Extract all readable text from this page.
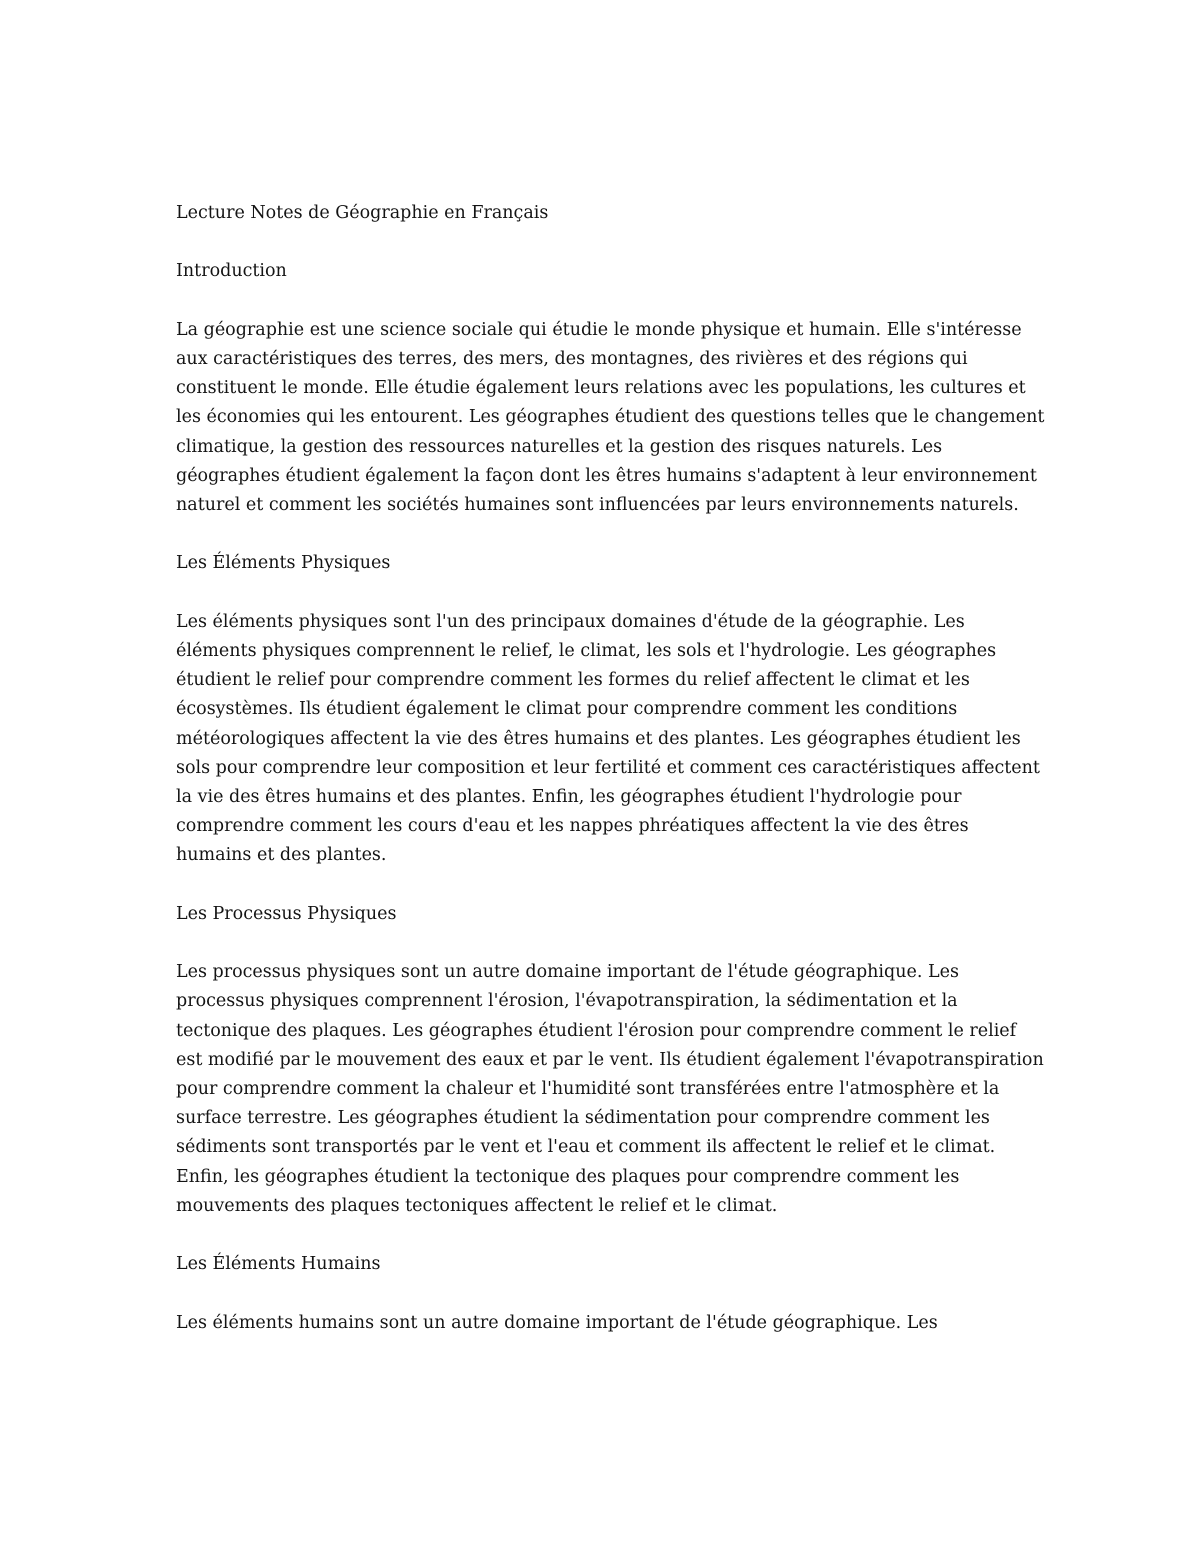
Lecture Notes de Géographie en Français

Introduction

La géographie est une science sociale qui étudie le monde physique et humain. Elle s'intéresse aux caractéristiques des terres, des mers, des montagnes, des rivières et des régions qui constituent le monde. Elle étudie également leurs relations avec les populations, les cultures et les économies qui les entourent. Les géographes étudient des questions telles que le changement climatique, la gestion des ressources naturelles et la gestion des risques naturels. Les géographes étudient également la façon dont les êtres humains s'adaptent à leur environnement naturel et comment les sociétés humaines sont influencées par leurs environnements naturels.

Les Éléments Physiques

Les éléments physiques sont l'un des principaux domaines d'étude de la géographie. Les éléments physiques comprennent le relief, le climat, les sols et l'hydrologie. Les géographes étudient le relief pour comprendre comment les formes du relief affectent le climat et les écosystèmes. Ils étudient également le climat pour comprendre comment les conditions météorologiques affectent la vie des êtres humains et des plantes. Les géographes étudient les sols pour comprendre leur composition et leur fertilité et comment ces caractéristiques affectent la vie des êtres humains et des plantes. Enfin, les géographes étudient l'hydrologie pour comprendre comment les cours d'eau et les nappes phréatiques affectent la vie des êtres humains et des plantes.

Les Processus Physiques

Les processus physiques sont un autre domaine important de l'étude géographique. Les processus physiques comprennent l'érosion, l'évapotranspiration, la sédimentation et la tectonique des plaques. Les géographes étudient l'érosion pour comprendre comment le relief est modifié par le mouvement des eaux et par le vent. Ils étudient également l'évapotranspiration pour comprendre comment la chaleur et l'humidité sont transférées entre l'atmosphère et la surface terrestre. Les géographes étudient la sédimentation pour comprendre comment les sédiments sont transportés par le vent et l'eau et comment ils affectent le relief et le climat. Enfin, les géographes étudient la tectonique des plaques pour comprendre comment les mouvements des plaques tectoniques affectent le relief et le climat.

Les Éléments Humains

Les éléments humains sont un autre domaine important de l'étude géographique. Les
